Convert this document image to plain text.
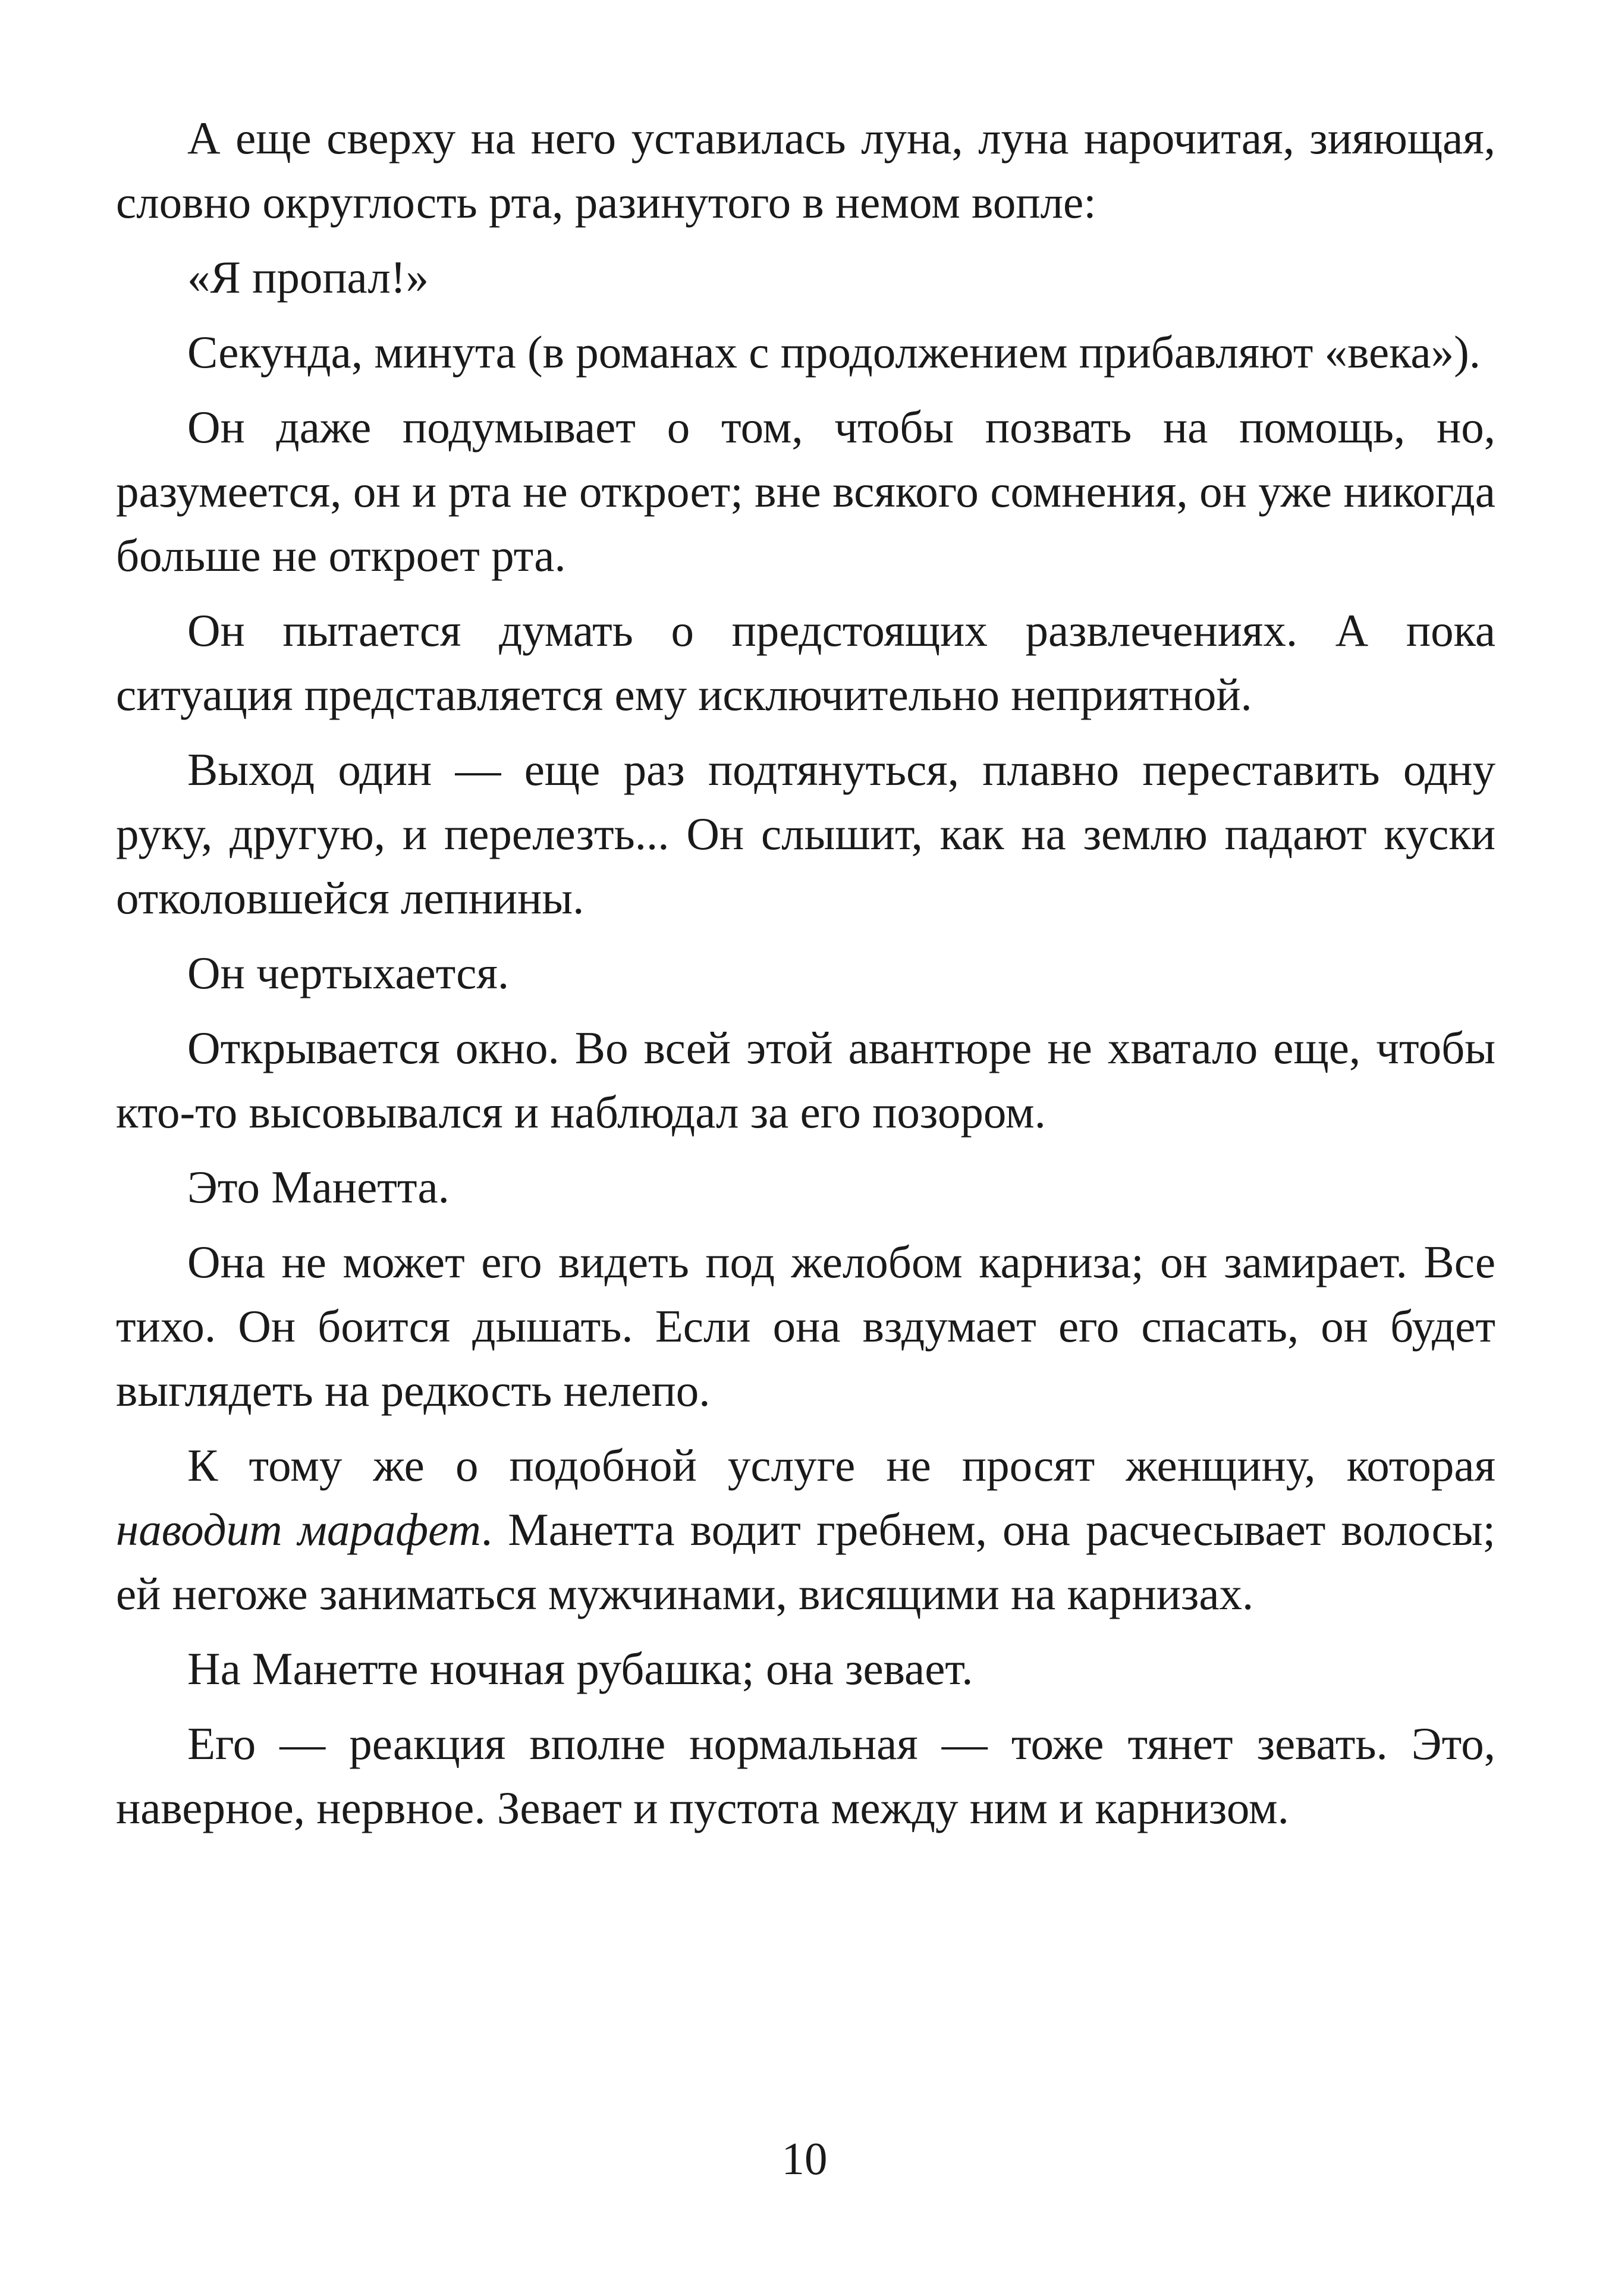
А еще сверху на него уставилась луна, луна нарочитая, зияющая, словно округлость рта, разинутого в немом вопле:

«Я пропал!»

Секунда, минута (в романах с продолжением прибавляют «века»).

Он даже подумывает о том, чтобы позвать на помощь, но, разумеется, он и рта не откроет; вне всякого сомнения, он уже никогда больше не откроет рта.

Он пытается думать о предстоящих развлечениях. А пока ситуация представляется ему исключительно неприятной.

Выход один — еще раз подтянуться, плавно переставить одну руку, другую, и перелезть... Он слышит, как на землю падают куски отколовшейся лепнины.

Он чертыхается.

Открывается окно. Во всей этой авантюре не хватало еще, чтобы кто-то высовывался и наблюдал за его позором.

Это Манетта.

Она не может его видеть под желобом карниза; он замирает. Все тихо. Он боится дышать. Если она вздумает его спасать, он будет выглядеть на редкость нелепо.

К тому же о подобной услуге не просят женщину, которая наводит марафет. Манетта водит гребнем, она расчесывает волосы; ей негоже заниматься мужчинами, висящими на карнизах.

На Манетте ночная рубашка; она зевает.

Его — реакция вполне нормальная — тоже тянет зевать. Это, наверное, нервное. Зевает и пустота между ним и карнизом.

10
